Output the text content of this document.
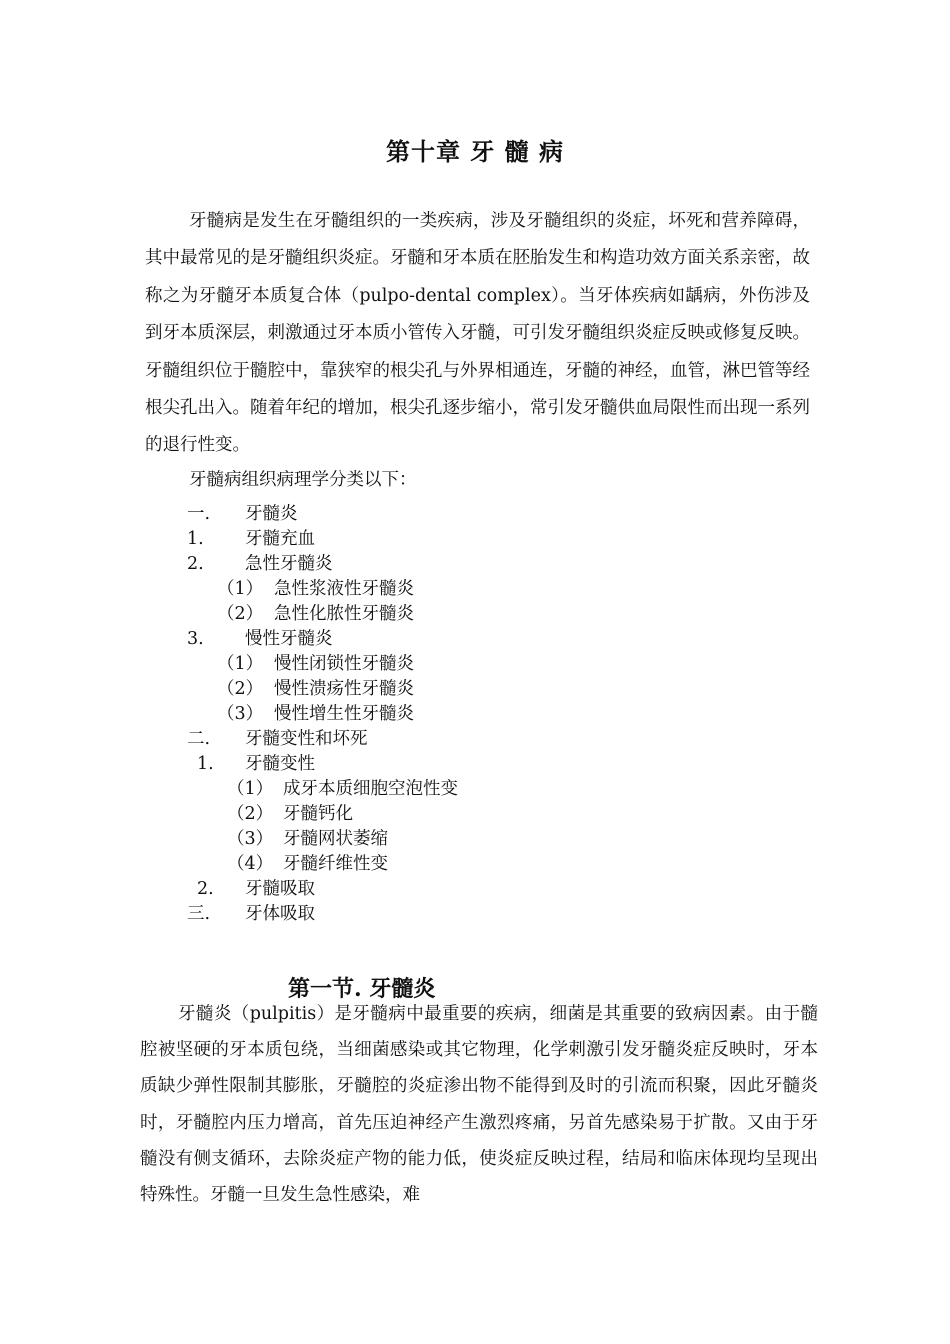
第十章 牙 髓 病

牙髓病是发生在牙髓组织的一类疾病，涉及牙髓组织的炎症，坏死和营养障碍，其中最常见的是牙髓组织炎症。牙髓和牙本质在胚胎发生和构造功效方面关系亲密，故称之为牙髓牙本质复合体（pulpo-dental complex）。当牙体疾病如龋病，外伤涉及到牙本质深层，刺激通过牙本质小管传入牙髓，可引发牙髓组织炎症反映或修复反映。牙髓组织位于髓腔中，靠狭窄的根尖孔与外界相通连，牙髓的神经，血管，淋巴管等经根尖孔出入。随着年纪的增加，根尖孔逐步缩小，常引发牙髓供血局限性而出现一系列的退行性变。

牙髓病组织病理学分类以下：

一. 牙髓炎
1. 牙髓充血
2. 急性牙髓炎
（1） 急性浆液性牙髓炎
（2） 急性化脓性牙髓炎
3. 慢性牙髓炎
（1） 慢性闭锁性牙髓炎
（2） 慢性溃疡性牙髓炎
（3） 慢性增生性牙髓炎
二. 牙髓变性和坏死
1. 牙髓变性
（1） 成牙本质细胞空泡性变
（2） 牙髓钙化
（3） 牙髓网状萎缩
（4） 牙髓纤维性变
2. 牙髓吸取
三. 牙体吸取
第一节. 牙髓炎

牙髓炎（pulpitis）是牙髓病中最重要的疾病，细菌是其重要的致病因素。由于髓腔被坚硬的牙本质包绕，当细菌感染或其它物理，化学刺激引发牙髓炎症反映时，牙本质缺少弹性限制其膨胀，牙髓腔的炎症渗出物不能得到及时的引流而积聚，因此牙髓炎时，牙髓腔内压力增高，首先压迫神经产生激烈疼痛，另首先感染易于扩散。又由于牙髓没有侧支循环，去除炎症产物的能力低，使炎症反映过程，结局和临床体现均呈现出特殊性。牙髓一旦发生急性感染，难
